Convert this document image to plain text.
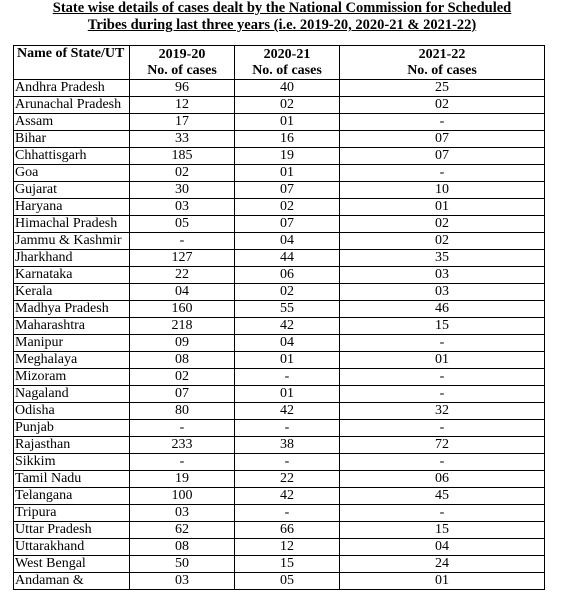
State wise details of cases dealt by the National Commission for Scheduled
Tribes during last three years (i.e. 2019-20, 2020-21 & 2021-22)
Name of State/UT	2019-20	2020-21	2021-22
	No. of cases	No. of cases	No. of cases
Andhra Pradesh	96	40	25
Arunachal Pradesh	12	02	02
Assam	17	01	-
Bihar	33	16	07
Chhattisgarh	185	19	07
Goa	02	01	-
Gujarat	30	07	10
Haryana	03	02	01
Himachal Pradesh	05	07	02
Jammu & Kashmir	-	04	02
Jharkhand	127	44	35
Karnataka	22	06	03
Kerala	04	02	03
Madhya Pradesh	160	55	46
Maharashtra	218	42	15
Manipur	09	04	-
Meghalaya	08	01	01
Mizoram	02	-	-
Nagaland	07	01	-
Odisha	80	42	32
Punjab	-	-	-
Rajasthan	233	38	72
Sikkim	-	-	-
Tamil Nadu	19	22	06
Telangana	100	42	45
Tripura	03	-	-
Uttar Pradesh	62	66	15
Uttarakhand	08	12	04
West Bengal	50	15	24
Andaman &	03	05	01
